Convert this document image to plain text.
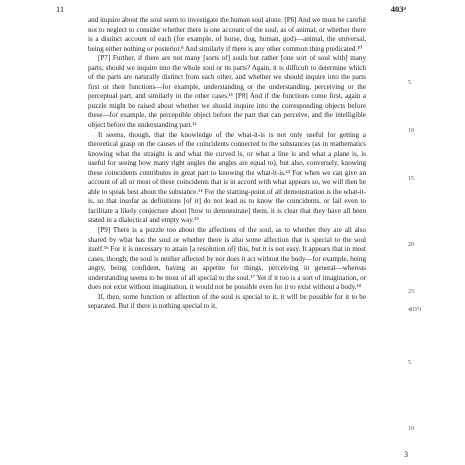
11	403ᵃ

and inquire about the soul seem to investigate the human soul alone. [P6] And we must be careful not to neglect to consider whether there is one account of the soul, as of animal, or whether there is a distinct account of each (for example, of horse, dog, human, god)—animal, the universal, being either nothing or posterior.⁸ And similarly if there is any other common thing predicated.¹⁰

[P7] Further, if there are not many [sorts of] souls but rather [one sort of soul with] many parts, should we inquire into the whole soul or its parts? Again, it is difficult to determine which of the parts are naturally distinct from each other, and whether we should inquire into the parts first or their functions—for example, understanding or the understanding, perceiving or the perceptual part, and similarly in the other cases.¹¹ [P8] And if the functions come first, again a puzzle might be raised about whether we should inquire into the corresponding objects before these—for example, the perceptible object before the part that can perceive, and the intelligible object before the understanding part.¹²

It seems, though, that the knowledge of the what-it-is is not only useful for getting a theoretical grasp on the causes of the coincidents connected to the substances (as in mathematics knowing what the straight is and what the curved is, or what a line is and what a plane is, is useful for seeing how many right angles the angles are equal to), but also, conversely, knowing these coincidents contributes in great part to knowing the what-it-is.¹³ For when we can give an account of all or most of these coincidents that is in accord with what appears so, we will then be able to speak best about the substance.¹⁴ For the starting-point of all demonstration is the what-it-is, so that insofar as definitions [of it] do not lead us to know the coincidents, or fail even to facilitate a likely conjecture about [how to demonstrate] them, it is clear that they have all been stated in a dialectical and empty way.¹⁵

[P9] There is a puzzle too about the affections of the soul, as to whether they are all also shared by what has the soul or whether there is also some affection that is special to the soul itself.¹⁶ For it is necessary to attain [a resolution of] this, but it is not easy. It appears that in most cases, though, the soul is neither affected by nor does it act without the body—for example, being angry, being confident, having an appetite for things, perceiving in general—whereas understanding seems to be most of all special to the soul.¹⁷ Yet if it too is a sort of imagination, or does not exist without imagination, it would not be possible even for it to exist without a body.¹⁸

If, then, some function or affection of the soul is special to it, it will be possible for it to be separated. But if there is nothing special to it,

5
10
15
20
25
403ᵇ1
5
10
3
